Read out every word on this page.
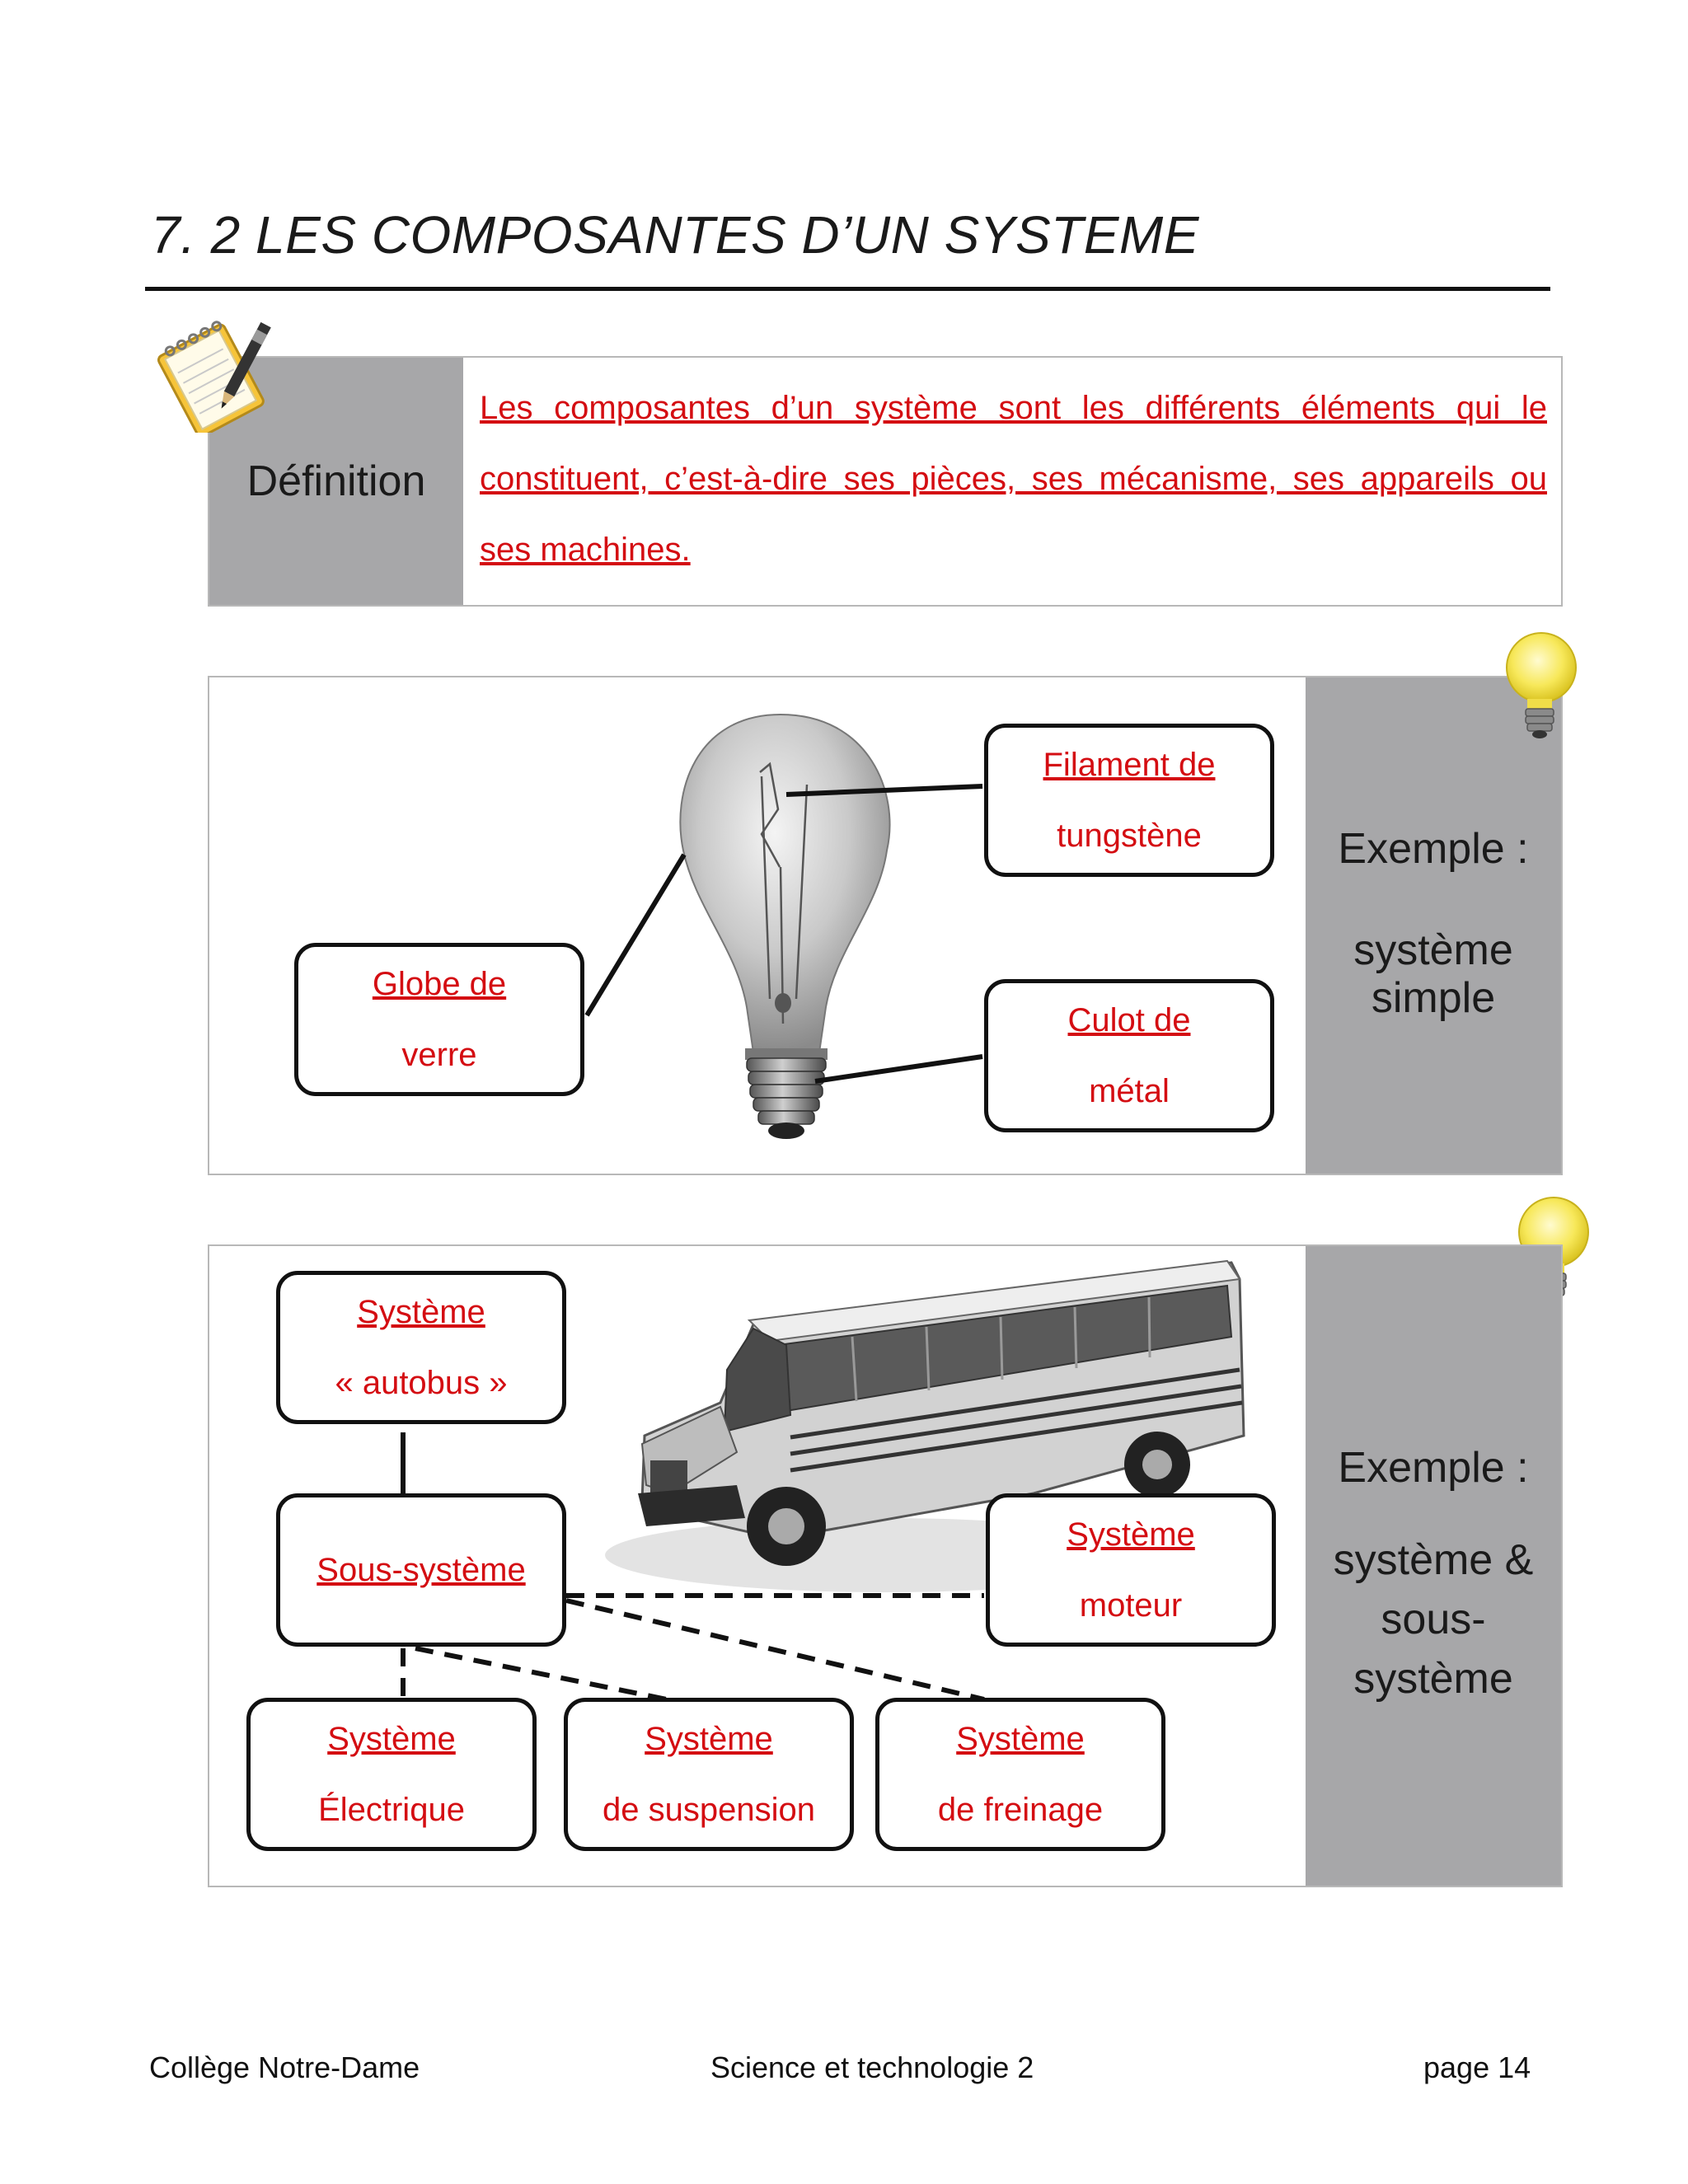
7. 2 LES COMPOSANTES D’UN SYSTEME
Définition
Les composantes d’un système sont les différents éléments qui le constituent, c’est-à-dire ses pièces, ses mécanisme, ses appareils ou ses machines.
Exemple :
système
simple
Filament de
tungstène
Globe de
verre
Culot de
métal
Exemple :
système &
sous-
système
Système
« autobus »
Sous-système
Système
moteur
Système
Électrique
Système
de suspension
Système
de freinage
Collège Notre-Dame	Science et technologie 2	page 14
